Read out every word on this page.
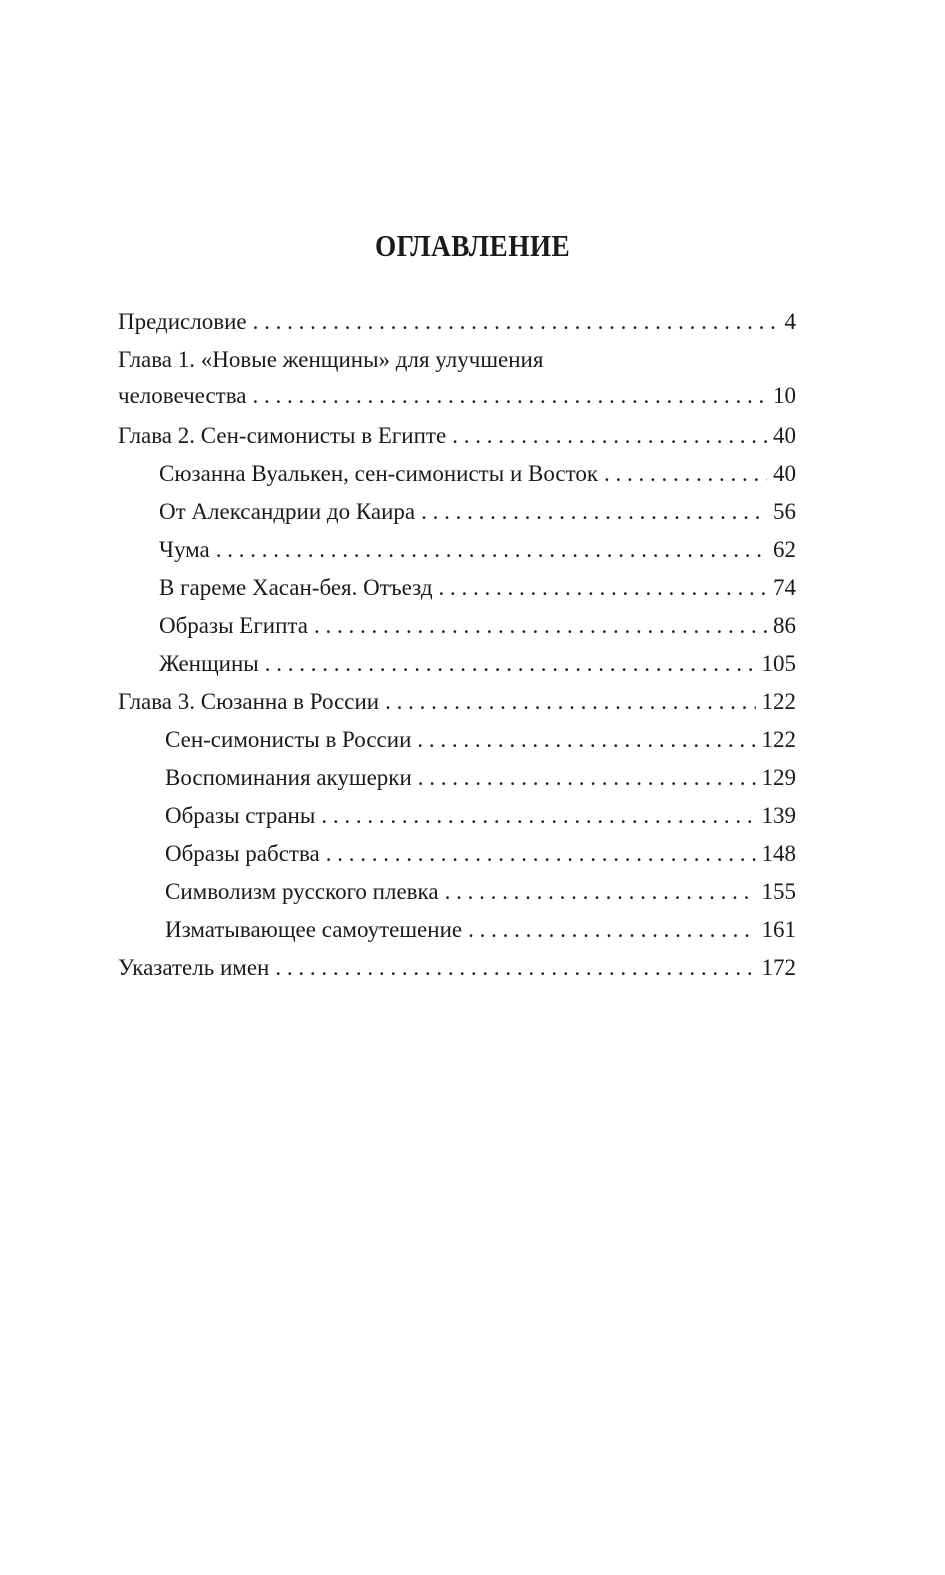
ОГЛАВЛЕНИЕ
Предисловие . . .	4
Глава 1. «Новые женщины» для улучшения
человечества . . .	10
Глава 2. Сен-симонисты в Египте . . .	40
Сюзанна Вуалькен, сен-симонисты и Восток . . .	40
От Александрии до Каира . . .	56
Чума . . .	62
В гареме Хасан-бея. Отъезд . . .	74
Образы Египта . . .	86
Женщины . . .	105
Глава 3. Сюзанна в России . . .	122
Сен-симонисты в России . . .	122
Воспоминания акушерки . . .	129
Образы страны . . .	139
Образы рабства . . .	148
Символизм русского плевка . . .	155
Изматывающее самоутешение . . .	161
Указатель имен . . .	172
